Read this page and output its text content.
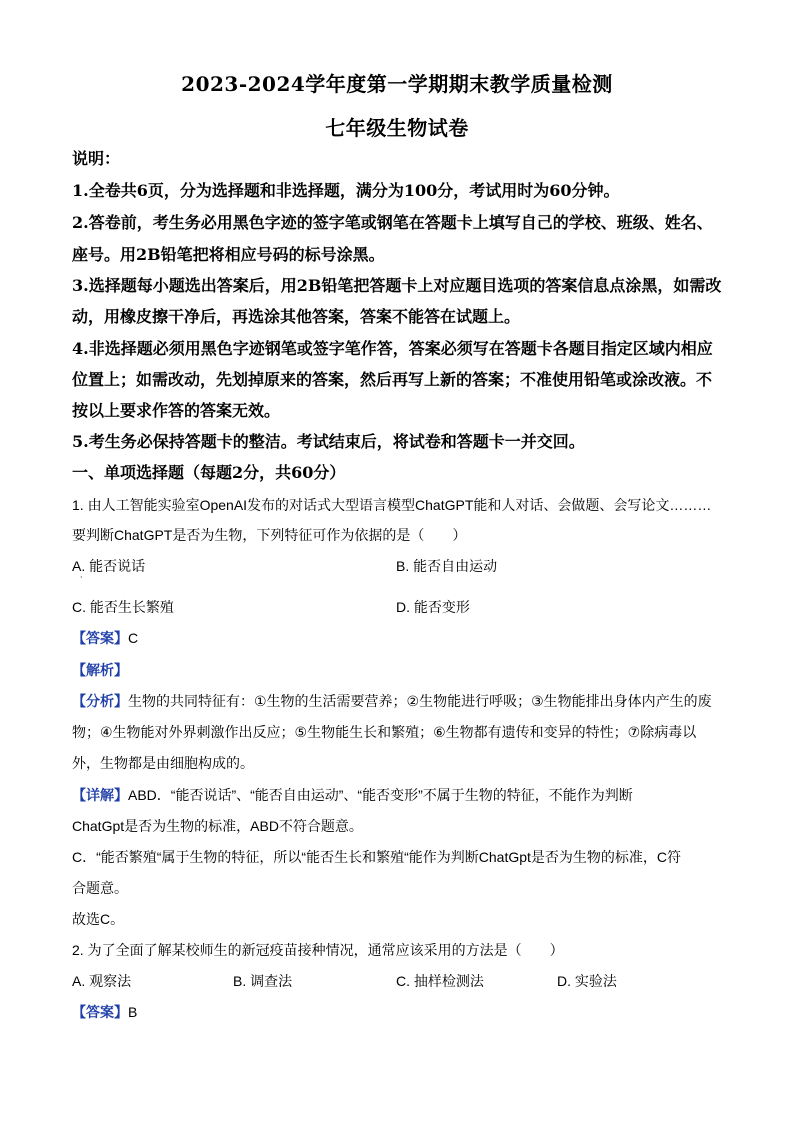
2023-2024学年度第一学期期末教学质量检测
七年级生物试卷
说明：
1.全卷共6页，分为选择题和非选择题，满分为100分，考试用时为60分钟。
2.答卷前，考生务必用黑色字迹的签字笔或钢笔在答题卡上填写自己的学校、班级、姓名、
座号。用2B铅笔把将相应号码的标号涂黑。
3.选择题每小题选出答案后，用2B铅笔把答题卡上对应题目选项的答案信息点涂黑，如需改
动，用橡皮擦干净后，再选涂其他答案，答案不能答在试题上。
4.非选择题必须用黑色字迹钢笔或签字笔作答，答案必须写在答题卡各题目指定区域内相应
位置上；如需改动，先划掉原来的答案，然后再写上新的答案；不准使用铅笔或涂改液。不
按以上要求作答的答案无效。
5.考生务必保持答题卡的整洁。考试结束后，将试卷和答题卡一并交回。
一、单项选择题（每题2分，共60分）
1. 由人工智能实验室OpenAI发布的对话式大型语言模型ChatGPT能和人对话、会做题、会写论文………
要判断ChatGPT是否为生物，下列特征可作为依据的是（　　）
A. 能否说话
·
B. 能否自由运动
C. 能否生长繁殖	D. 能否变形
【答案】C
【解析】
【分析】生物的共同特征有：①生物的生活需要营养；②生物能进行呼吸；③生物能排出身体内产生的废
物；④生物能对外界刺激作出反应；⑤生物能生长和繁殖；⑥生物都有遗传和变异的特性；⑦除病毒以
外，生物都是由细胞构成的。
【详解】ABD．“能否说话”、“能否自由运动”、“能否变形”不属于生物的特征，不能作为判断
ChatGpt是否为生物的标准，ABD不符合题意。
C．“能否繁殖“属于生物的特征，所以“能否生长和繁殖“能作为判断ChatGpt是否为生物的标准，C符
合题意。
故选C。
2. 为了全面了解某校师生的新冠疫苗接种情况，通常应该采用的方法是（　　）
A. 观察法	B. 调查法	C. 抽样检测法	D. 实验法
【答案】B
